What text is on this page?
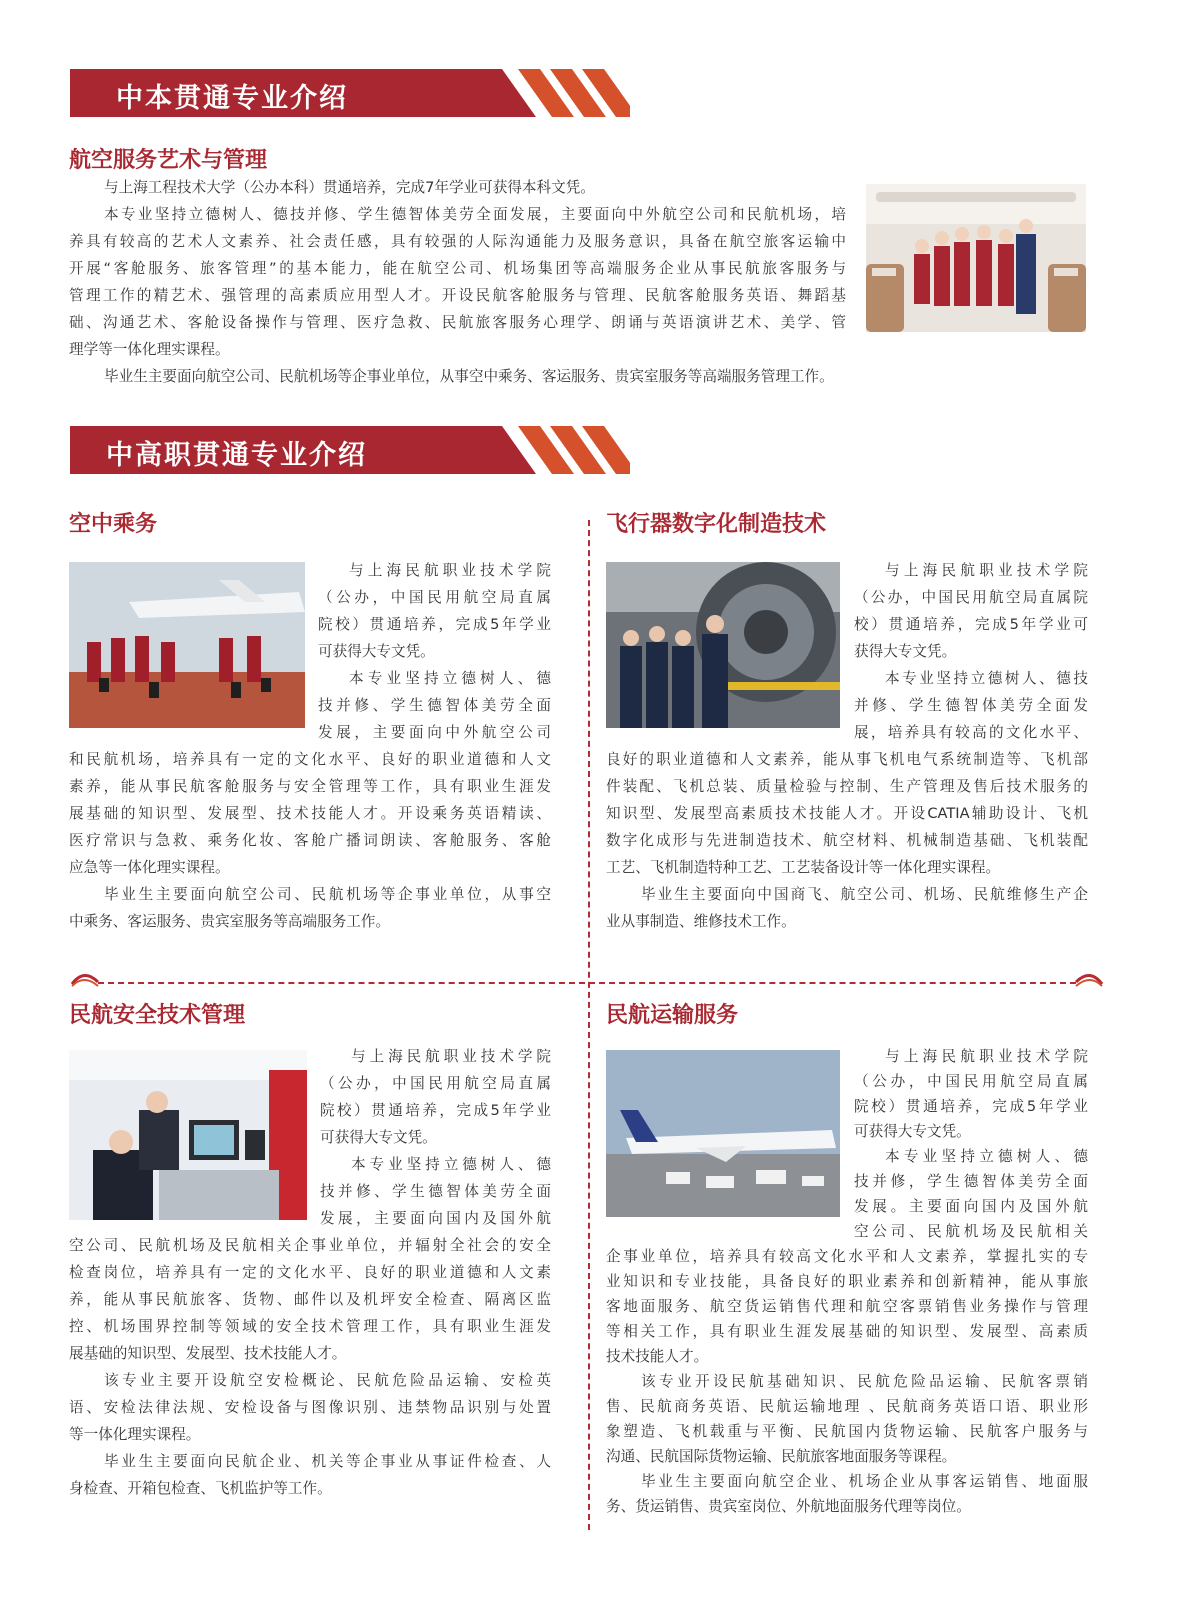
中本贯通专业介绍
航空服务艺术与管理

与上海工程技术大学（公办本科）贯通培养，完成7年学业可获得本科文凭。

本专业坚持立德树人、德技并修、学生德智体美劳全面发展，主要面向中外航空公司和民航机场，培

养具有较高的艺术人文素养、社会责任感，具有较强的人际沟通能力及服务意识，具备在航空旅客运输中

开展“客舱服务、旅客管理”的基本能力，能在航空公司、机场集团等高端服务企业从事民航旅客服务与

管理工作的精艺术、强管理的高素质应用型人才。开设民航客舱服务与管理、民航客舱服务英语、舞蹈基

础、沟通艺术、客舱设备操作与管理、医疗急救、民航旅客服务心理学、朗诵与英语演讲艺术、美学、管

理学等一体化理实课程。

毕业生主要面向航空公司、民航机场等企事业单位，从事空中乘务、客运服务、贵宾室服务等高端服务管理工作。

中高职贯通专业介绍
空中乘务

与上海民航职业技术学院

（公办，中国民用航空局直属

院校）贯通培养，完成5年学业

可获得大专文凭。

本专业坚持立德树人、德

技并修、学生德智体美劳全面

发展，主要面向中外航空公司

和民航机场，培养具有一定的文化水平、良好的职业道德和人文

素养，能从事民航客舱服务与安全管理等工作，具有职业生涯发

展基础的知识型、发展型、技术技能人才。开设乘务英语精读、

医疗常识与急救、乘务化妆、客舱广播词朗读、客舱服务、客舱

应急等一体化理实课程。

毕业生主要面向航空公司、民航机场等企事业单位，从事空

中乘务、客运服务、贵宾室服务等高端服务工作。

飞行器数字化制造技术

与上海民航职业技术学院

（公办，中国民用航空局直属院

校）贯通培养，完成5年学业可

获得大专文凭。

本专业坚持立德树人、德技

并修、学生德智体美劳全面发

展，培养具有较高的文化水平、

良好的职业道德和人文素养，能从事飞机电气系统制造等、飞机部

件装配、飞机总装、质量检验与控制、生产管理及售后技术服务的

知识型、发展型高素质技术技能人才。开设CATIA辅助设计、飞机

数字化成形与先进制造技术、航空材料、机械制造基础、飞机装配

工艺、飞机制造特种工艺、工艺装备设计等一体化理实课程。

毕业生主要面向中国商飞、航空公司、机场、民航维修生产企

业从事制造、维修技术工作。

民航安全技术管理

与上海民航职业技术学院

（公办，中国民用航空局直属

院校）贯通培养，完成5年学业

可获得大专文凭。

本专业坚持立德树人、德

技并修、学生德智体美劳全面

发展，主要面向国内及国外航

空公司、民航机场及民航相关企事业单位，并辐射全社会的安全

检查岗位，培养具有一定的文化水平、良好的职业道德和人文素

养，能从事民航旅客、货物、邮件以及机坪安全检查、隔离区监

控、机场围界控制等领域的安全技术管理工作，具有职业生涯发

展基础的知识型、发展型、技术技能人才。

该专业主要开设航空安检概论、民航危险品运输、安检英

语、安检法律法规、安检设备与图像识别、违禁物品识别与处置

等一体化理实课程。

毕业生主要面向民航企业、机关等企事业从事证件检查、人

身检查、开箱包检查、飞机监护等工作。

民航运输服务

与上海民航职业技术学院

（公办，中国民用航空局直属

院校）贯通培养，完成5年学业

可获得大专文凭。

本专业坚持立德树人、德

技并修，学生德智体美劳全面

发展。主要面向国内及国外航

空公司、民航机场及民航相关

企事业单位，培养具有较高文化水平和人文素养，掌握扎实的专

业知识和专业技能，具备良好的职业素养和创新精神，能从事旅

客地面服务、航空货运销售代理和航空客票销售业务操作与管理

等相关工作，具有职业生涯发展基础的知识型、发展型、高素质

技术技能人才。

该专业开设民航基础知识、民航危险品运输、民航客票销

售、民航商务英语、民航运输地理 、民航商务英语口语、职业形

象塑造、飞机载重与平衡、民航国内货物运输、民航客户服务与

沟通、民航国际货物运输、民航旅客地面服务等课程。

毕业生主要面向航空企业、机场企业从事客运销售、地面服

务、货运销售、贵宾室岗位、外航地面服务代理等岗位。
